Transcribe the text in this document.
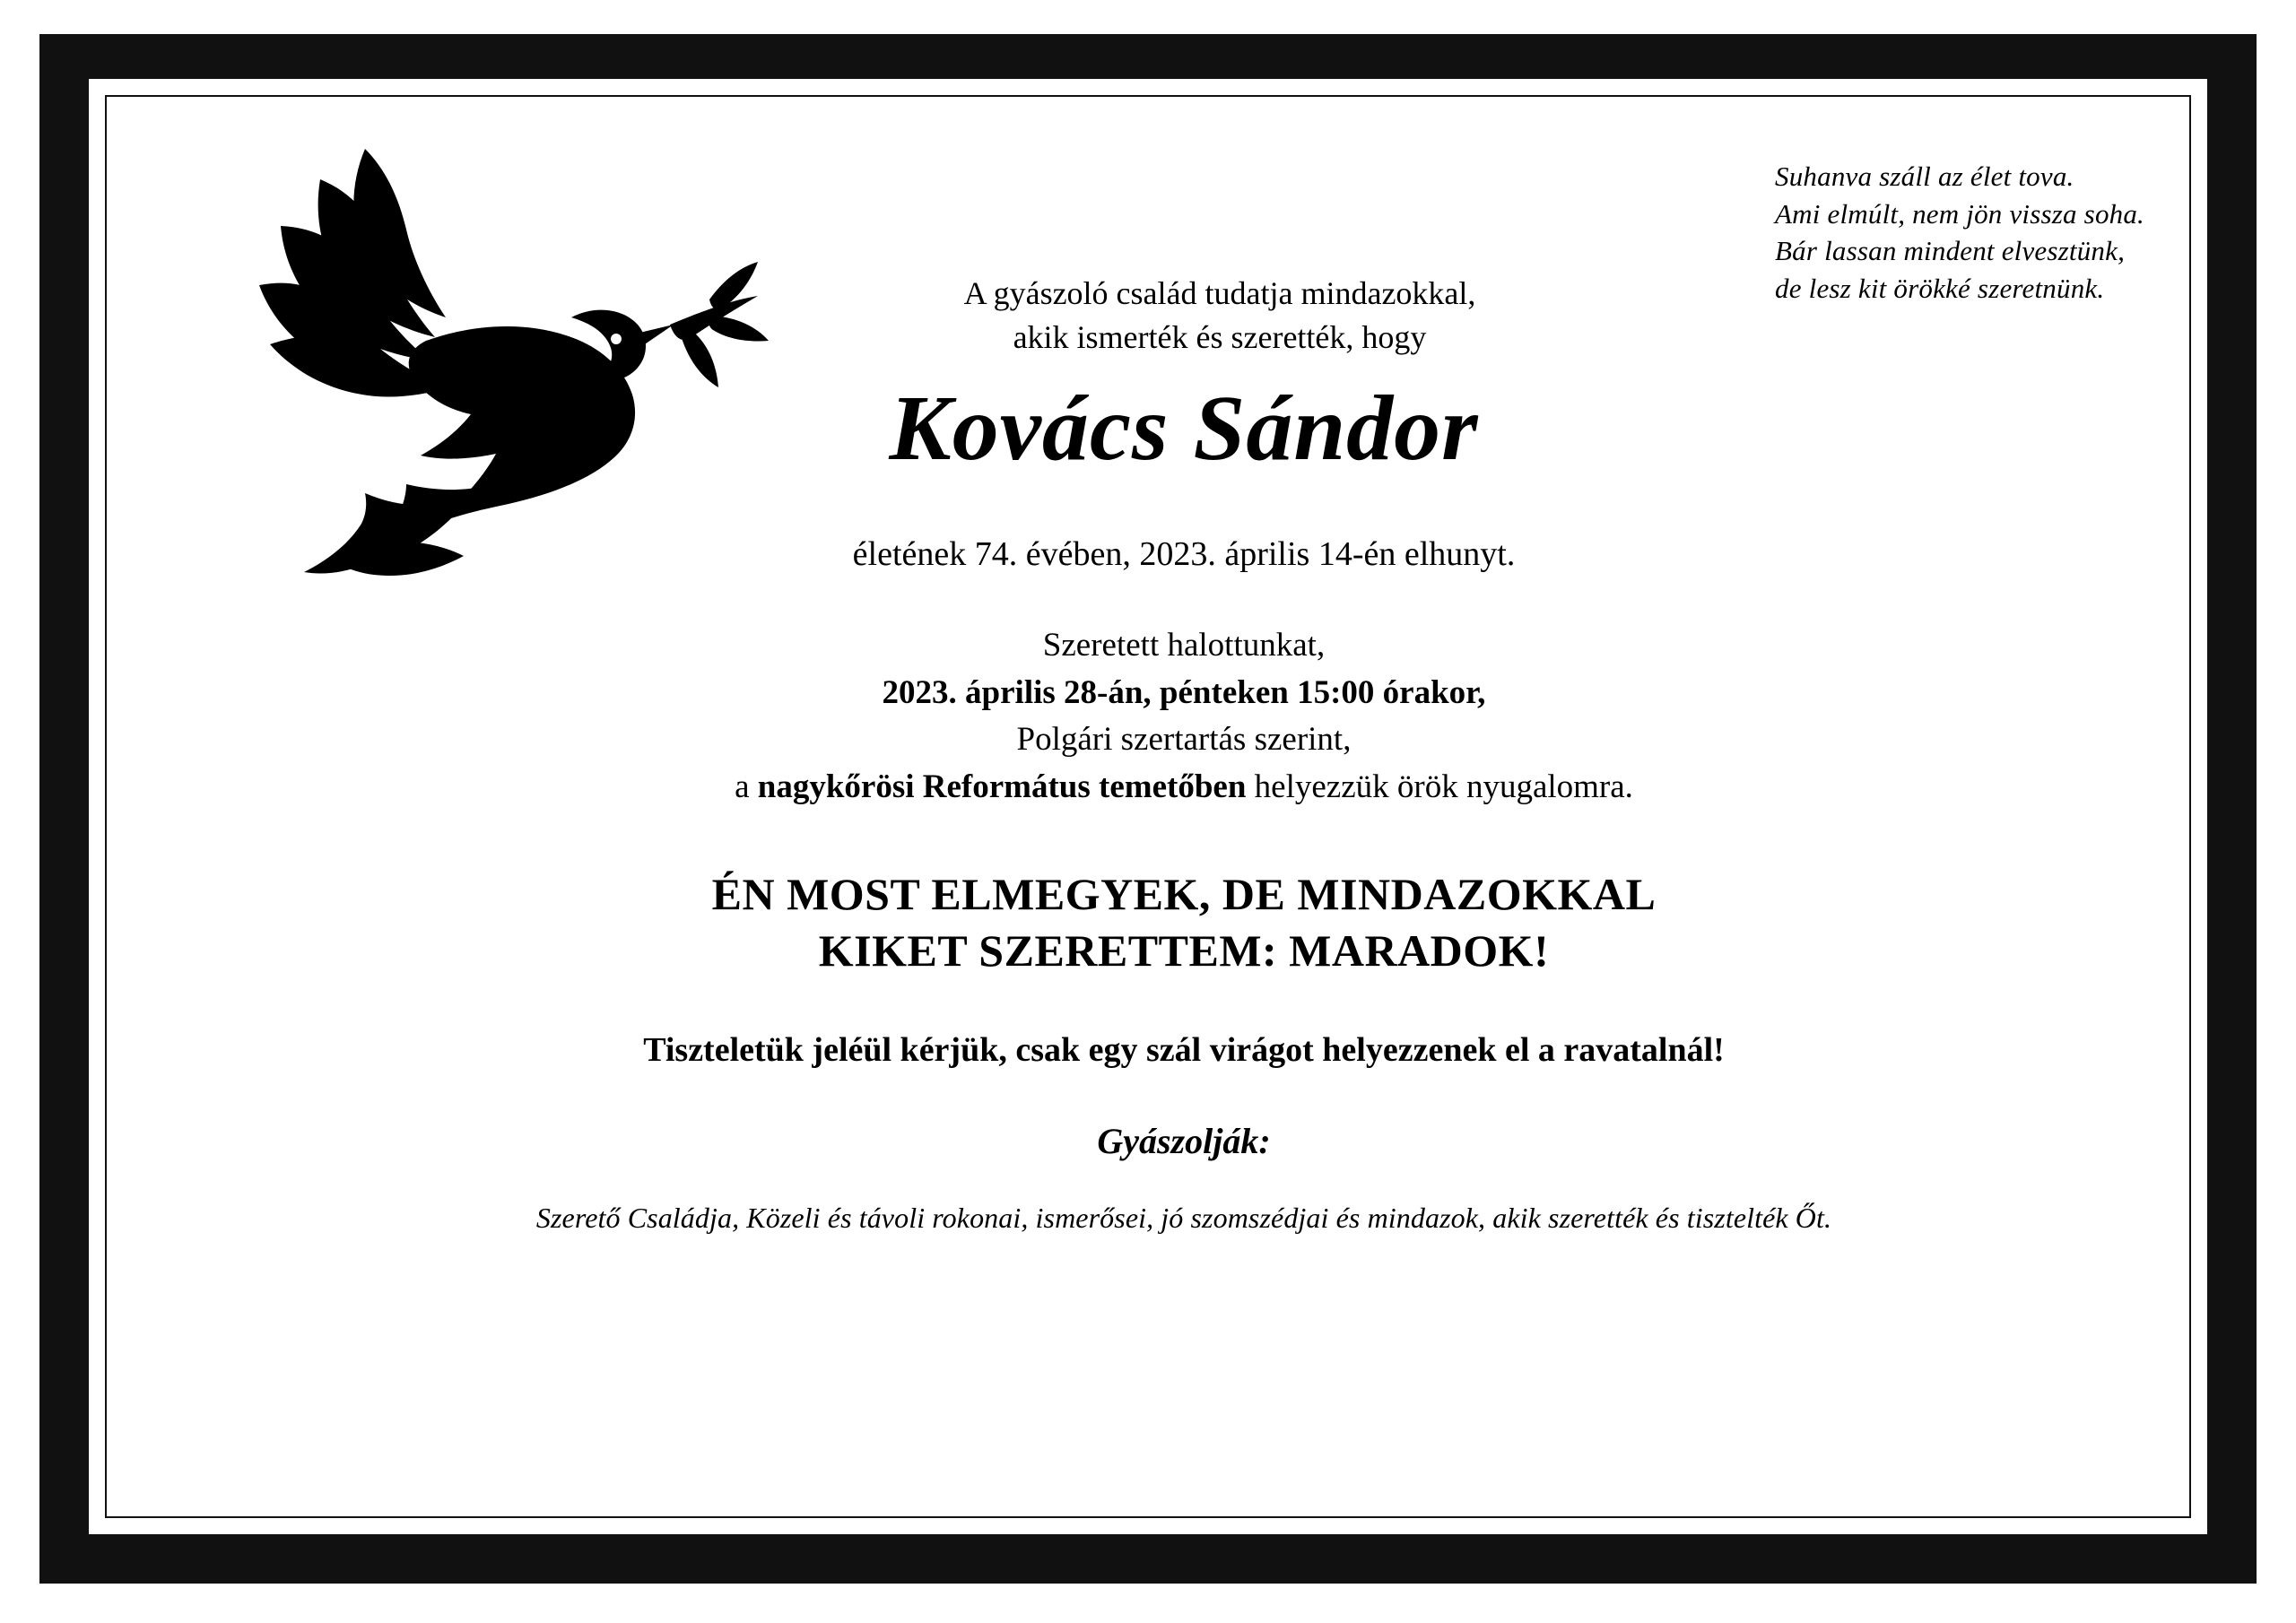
Suhanva száll az élet tova.
Ami elmúlt, nem jön vissza soha.
Bár lassan mindent elvesztünk,
de lesz kit örökké szeretnünk.
A gyászoló család tudatja mindazokkal,
akik ismerték és szerették, hogy
Kovács Sándor
életének 74. évében, 2023. április 14-én elhunyt.
Szeretett halottunkat,
2023. április 28-án, pénteken 15:00 órakor,
Polgári szertartás szerint,
a nagykőrösi Református temetőben helyezzük örök nyugalomra.
ÉN MOST ELMEGYEK, DE MINDAZOKKAL
KIKET SZERETTEM: MARADOK!
Tiszteletük jeléül kérjük, csak egy szál virágot helyezzenek el a ravatalnál!
Gyászolják:
Szerető Családja, Közeli és távoli rokonai, ismerősei, jó szomszédjai és mindazok, akik szerették és tisztelték Őt.
